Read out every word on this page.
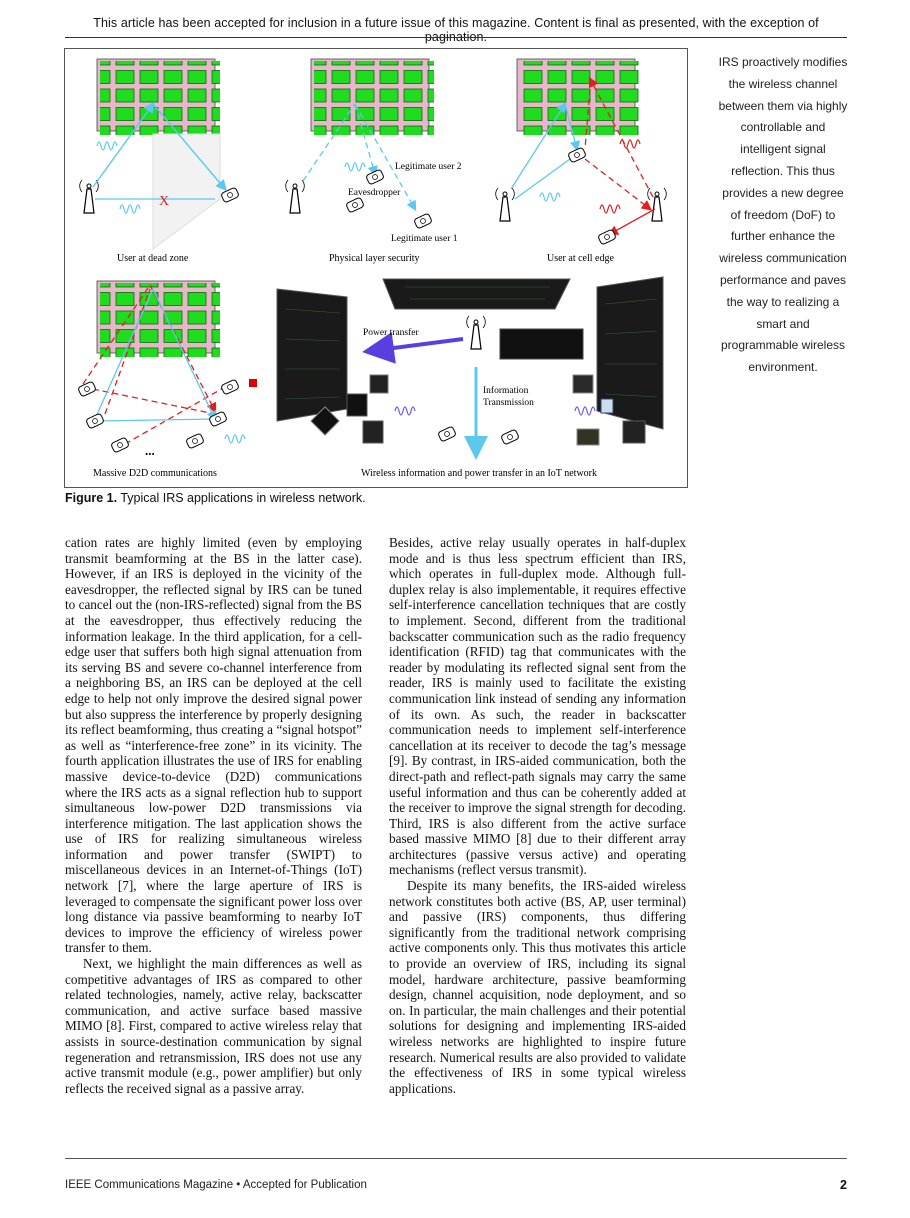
This article has been accepted for inclusion in a future issue of this magazine. Content is final as presented, with the exception of pagination.
X
User at dead zone
Legitimate user 2
Eavesdropper
Legitimate user 1
Physical layer security	User at cell edge
...
Massive D2D communications
Power transfer
Information
Transmission
Wireless information and power transfer in an IoT network
Figure 1. Typical IRS applications in wireless network.
IRS proactively modifies the wireless channel between them via highly controllable and intelligent signal reflection. This thus provides a new degree of freedom (DoF) to further enhance the wireless communication performance and paves the way to realizing a smart and programmable wireless environment.

cation rates are highly limited (even by employing transmit beamforming at the BS in the latter case). However, if an IRS is deployed in the vicinity of the eavesdropper, the reflected signal by IRS can be tuned to cancel out the (non-IRS-reflected) signal from the BS at the eavesdropper, thus effectively reducing the information leakage. In the third application, for a cell-edge user that suffers both high signal attenuation from its serving BS and severe co-channel interference from a neighboring BS, an IRS can be deployed at the cell edge to help not only improve the desired signal power but also suppress the interference by properly designing its reflect beamforming, thus creating a “signal hotspot” as well as “interference-free zone” in its vicinity. The fourth application illustrates the use of IRS for enabling massive device-to-device (D2D) communications where the IRS acts as a signal reflection hub to support simultaneous low-power D2D transmissions via interference mitigation. The last application shows the use of IRS for realizing simultaneous wireless information and power transfer (SWIPT) to miscellaneous devices in an Internet-of-Things (IoT) network [7], where the large aperture of IRS is leveraged to compensate the significant power loss over long distance via passive beamforming to nearby IoT devices to improve the efficiency of wireless power transfer to them.

Next, we highlight the main differences as well as competitive advantages of IRS as compared to other related technologies, namely, active relay, backscatter communication, and active surface based massive MIMO [8]. First, compared to active wireless relay that assists in source-destination communication by signal regeneration and retransmission, IRS does not use any active transmit module (e.g., power amplifier) but only reflects the received signal as a passive array.

Besides, active relay usually operates in half-duplex mode and is thus less spectrum efficient than IRS, which operates in full-duplex mode. Although full-duplex relay is also implementable, it requires effective self-interference cancellation techniques that are costly to implement. Second, different from the traditional backscatter communication such as the radio frequency identification (RFID) tag that communicates with the reader by modulating its reflected signal sent from the reader, IRS is mainly used to facilitate the existing communication link instead of sending any information of its own. As such, the reader in backscatter communication needs to implement self-interference cancellation at its receiver to decode the tag’s message [9]. By contrast, in IRS-aided communication, both the direct-path and reflect-path signals may carry the same useful information and thus can be coherently added at the receiver to improve the signal strength for decoding. Third, IRS is also different from the active surface based massive MIMO [8] due to their different array architectures (passive versus active) and operating mechanisms (reflect versus transmit).

Despite its many benefits, the IRS-aided wireless network constitutes both active (BS, AP, user terminal) and passive (IRS) components, thus differing significantly from the traditional network comprising active components only. This thus motivates this article to provide an overview of IRS, including its signal model, hardware architecture, passive beamforming design, channel acquisition, node deployment, and so on. In particular, the main challenges and their potential solutions for designing and implementing IRS-aided wireless networks are highlighted to inspire future research. Numerical results are also provided to validate the effectiveness of IRS in some typical wireless applications.

IEEE Communications Magazine • Accepted for Publication	2
